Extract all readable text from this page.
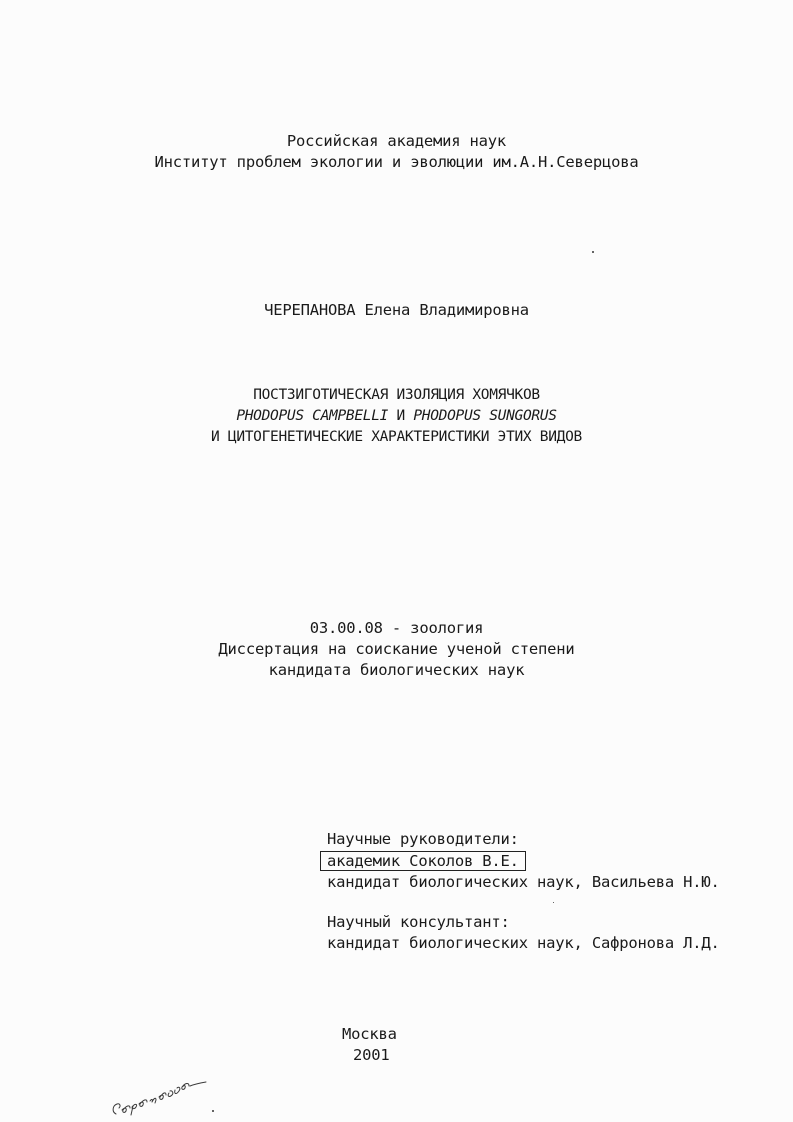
Российская академия наук
Институт проблем экологии и эволюции им.А.Н.Северцова
ЧЕРЕПАНОВА Елена Владимировна
ПОСТЗИГОТИЧЕСКАЯ ИЗОЛЯЦИЯ ХОМЯЧКОВ
PHODOPUS CAMPBELLI И PHODOPUS SUNGORUS
И ЦИТОГЕНЕТИЧЕСКИЕ ХАРАКТЕРИСТИКИ ЭТИХ ВИДОВ
03.00.08 - зоология
Диссертация на соискание ученой степени
кандидата биологических наук
Научные руководители:
академик Соколов В.Е.
кандидат биологических наук, Васильева Н.Ю.
Научный консультант:
кандидат биологических наук, Сафронова Л.Д.
Москва
2001
